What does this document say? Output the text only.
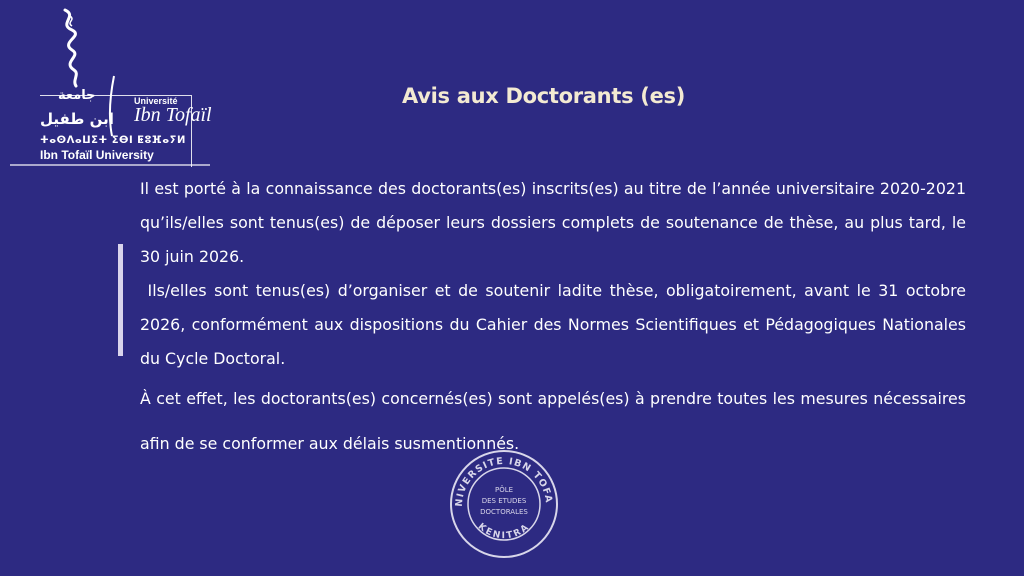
جامعة
ابن طفيل
Université
Ibn Tofaïl
ⵜⴰⵙⴷⴰⵡⵉⵜ ⵉⴱⵏ ⵟⵓⴼⴰⵢⵍ
Ibn Tofaïl University
Avis aux Doctorants (es)

Il est porté à la connaissance des doctorants(es) inscrits(es) au titre de l’année universitaire 2020-2021 qu’ils/elles sont tenus(es) de déposer leurs dossiers complets de soutenance de thèse, au plus tard, le 30 juin 2026.

Ils/elles sont tenus(es) d’organiser et de soutenir ladite thèse, obligatoirement, avant le 31 octobre 2026, conformément aux dispositions du Cahier des Normes Scientifiques et Pédagogiques Nationales du Cycle Doctoral.

À cet effet, les doctorants(es) concernés(es) sont appelés(es) à prendre toutes les mesures nécessaires afin de se conformer aux délais susmentionnés.

NIVERSITE IBN TOFA
KENITRA
PÔLE
DES ETUDES
DOCTORALES
